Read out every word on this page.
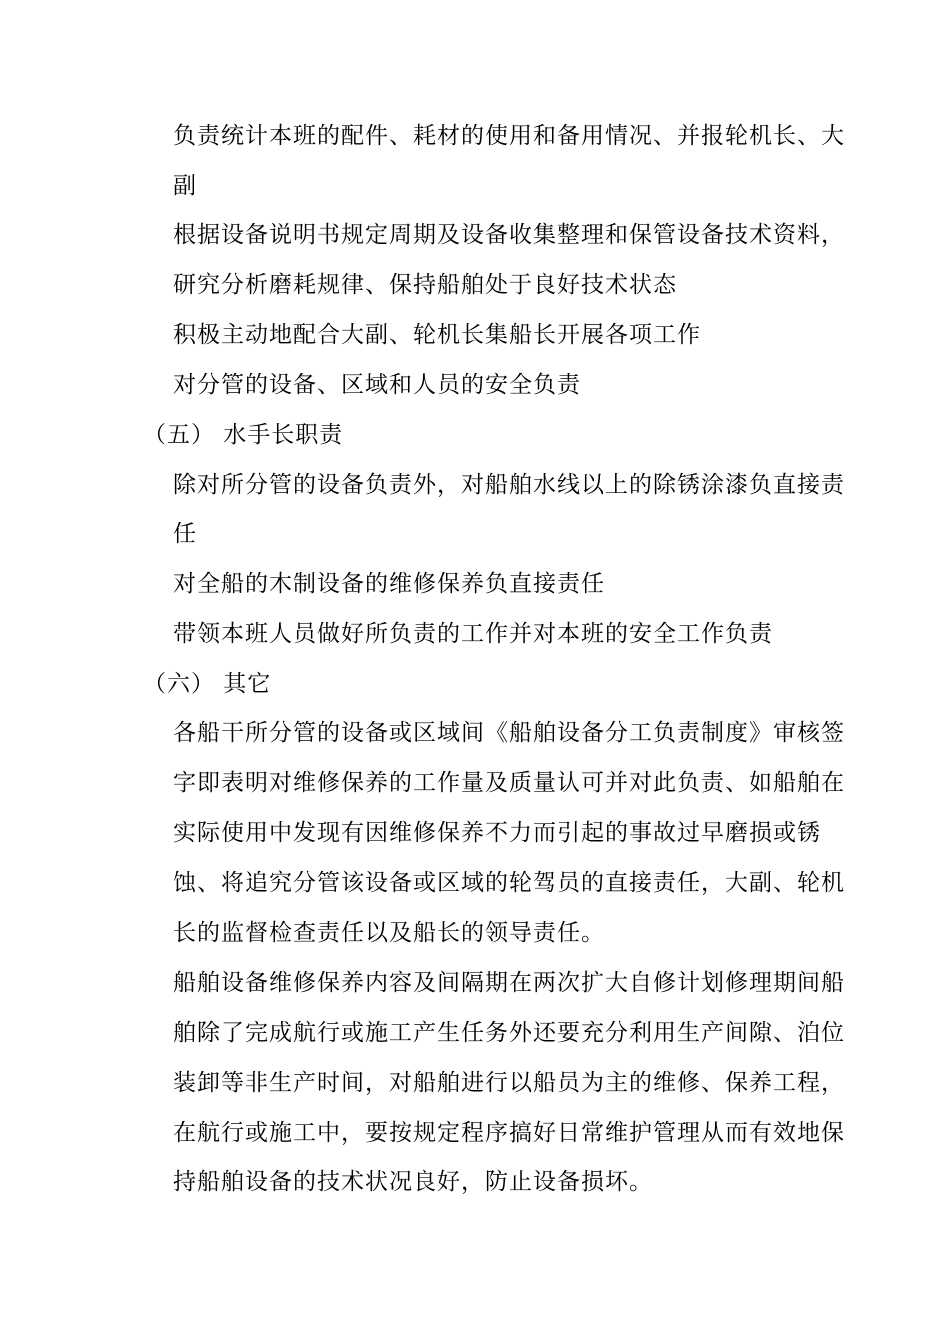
负责统计本班的配件、耗材的使用和备用情况、并报轮机长、大
副
根据设备说明书规定周期及设备收集整理和保管设备技术资料，
研究分析磨耗规律、保持船舶处于良好技术状态
积极主动地配合大副、轮机长集船长开展各项工作
对分管的设备、区域和人员的安全负责
（五） 水手长职责
除对所分管的设备负责外，对船舶水线以上的除锈涂漆负直接责
任
对全船的木制设备的维修保养负直接责任
带领本班人员做好所负责的工作并对本班的安全工作负责
（六） 其它
各船干所分管的设备或区域间《船舶设备分工负责制度》审核签
字即表明对维修保养的工作量及质量认可并对此负责、如船舶在
实际使用中发现有因维修保养不力而引起的事故过早磨损或锈
蚀、将追究分管该设备或区域的轮驾员的直接责任，大副、轮机
长的监督检查责任以及船长的领导责任。
船舶设备维修保养内容及间隔期在两次扩大自修计划修理期间船
舶除了完成航行或施工产生任务外还要充分利用生产间隙、泊位
装卸等非生产时间，对船舶进行以船员为主的维修、保养工程，
在航行或施工中，要按规定程序搞好日常维护管理从而有效地保
持船舶设备的技术状况良好，防止设备损坏。
